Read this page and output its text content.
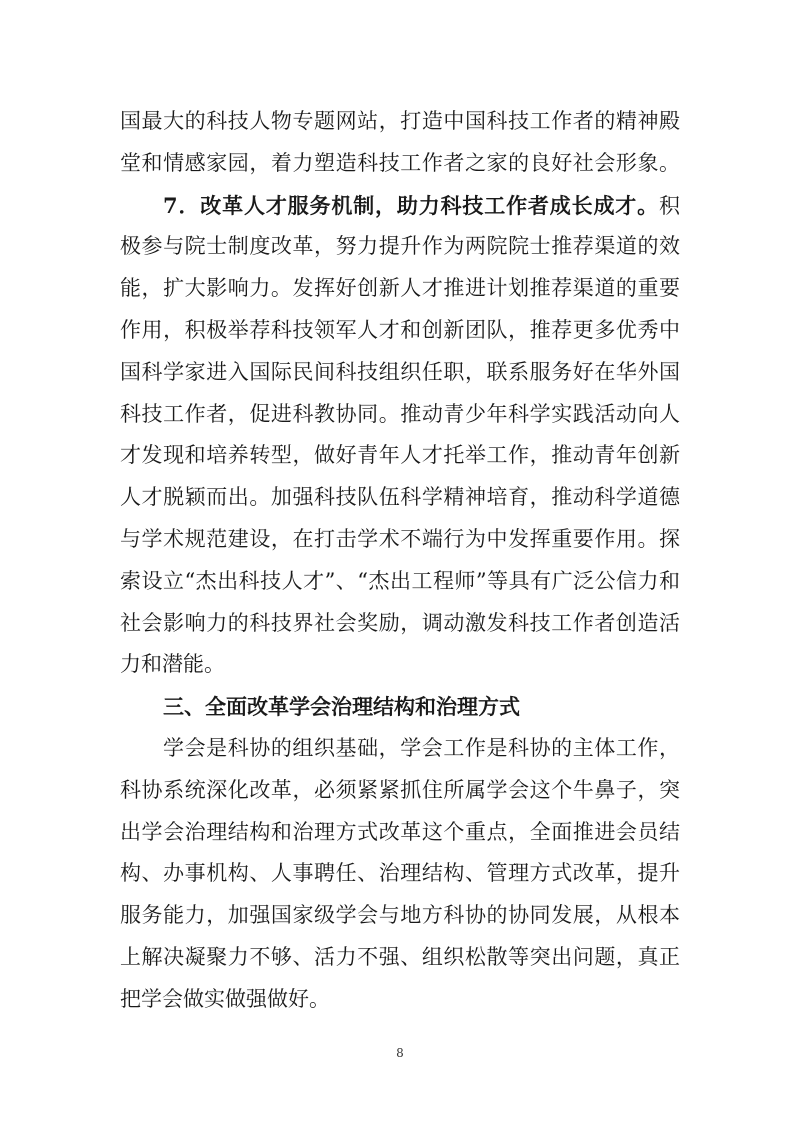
国最大的科技人物专题网站，打造中国科技工作者的精神殿
堂和情感家园，着力塑造科技工作者之家的良好社会形象。
7．改革人才服务机制，助力科技工作者成长成才。积
极参与院士制度改革，努力提升作为两院院士推荐渠道的效
能，扩大影响力。发挥好创新人才推进计划推荐渠道的重要
作用，积极举荐科技领军人才和创新团队，推荐更多优秀中
国科学家进入国际民间科技组织任职，联系服务好在华外国
科技工作者，促进科教协同。推动青少年科学实践活动向人
才发现和培养转型，做好青年人才托举工作，推动青年创新
人才脱颖而出。加强科技队伍科学精神培育，推动科学道德
与学术规范建设，在打击学术不端行为中发挥重要作用。探
索设立“杰出科技人才”、“杰出工程师”等具有广泛公信力和
社会影响力的科技界社会奖励，调动激发科技工作者创造活
力和潜能。
三、全面改革学会治理结构和治理方式
学会是科协的组织基础，学会工作是科协的主体工作，
科协系统深化改革，必须紧紧抓住所属学会这个牛鼻子，突
出学会治理结构和治理方式改革这个重点，全面推进会员结
构、办事机构、人事聘任、治理结构、管理方式改革，提升
服务能力，加强国家级学会与地方科协的协同发展，从根本
上解决凝聚力不够、活力不强、组织松散等突出问题，真正
把学会做实做强做好。
8
